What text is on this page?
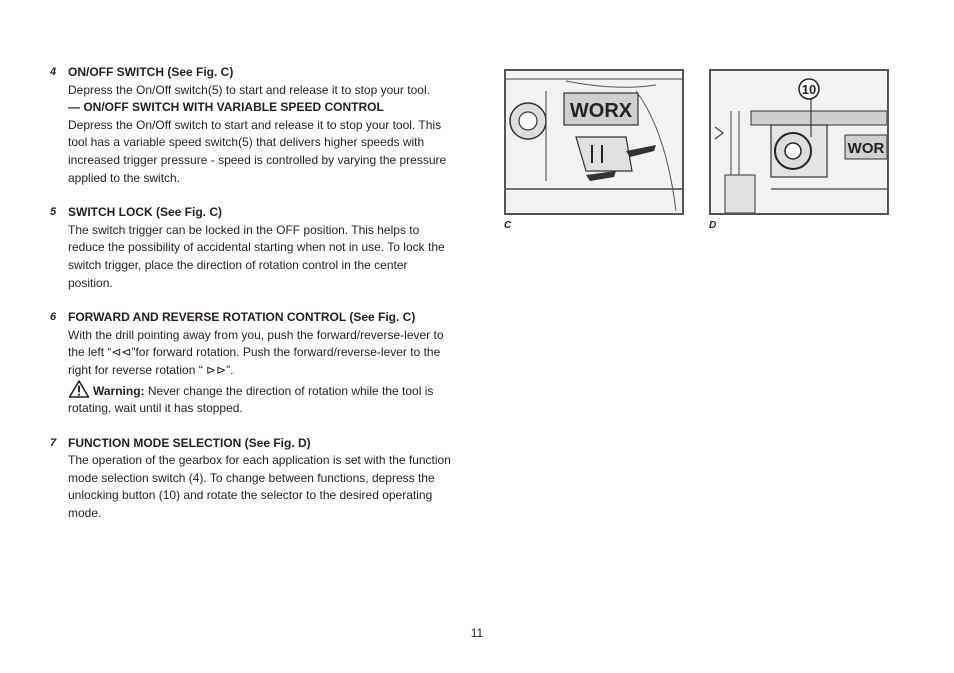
4 ON/OFF SWITCH (See Fig. C)
Depress the On/Off switch(5) to start and release it to stop your tool.
— ON/OFF SWITCH WITH VARIABLE SPEED CONTROL
Depress the On/Off switch to start and release it to stop your tool. This tool has a variable speed switch(5) that delivers higher speeds with increased trigger pressure - speed is controlled by varying the pressure applied to the switch.
5 SWITCH LOCK (See Fig. C)
The switch trigger can be locked in the OFF position. This helps to reduce the possibility of accidental starting when not in use. To lock the switch trigger, place the direction of rotation control in the center position.
6 FORWARD AND REVERSE ROTATION CONTROL (See Fig. C)
With the drill pointing away from you, push the forward/reverse-lever to the left “⊲⊲”for forward rotation. Push the forward/reverse-lever to the right for reverse rotation “ ⊳⊳”.
Warning: Never change the direction of rotation while the tool is rotating, wait until it has stopped.
7 FUNCTION MODE SELECTION (See Fig. D)
The operation of the gearbox for each application is set with the function mode selection switch (4). To change between functions, depress the unlocking button (10) and rotate the selector to the desired operating mode.
WORX
C
10
WOR
D
11
